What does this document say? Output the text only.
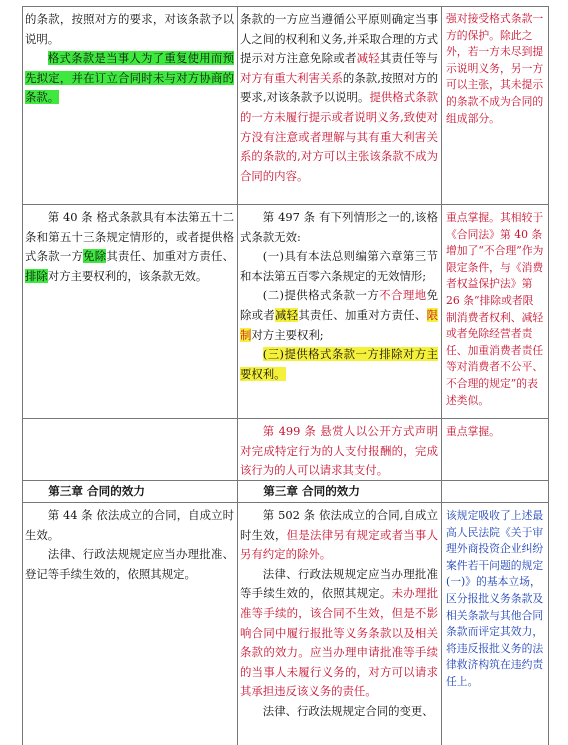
的条款，按照对方的要求，对该条款予以说明。

格式条款是当事人为了重复使用而预先拟定，并在订立合同时未与对方协商的条款。

条款的一方应当遵循公平原则确定当事人之间的权利和义务,并采取合理的方式提示对方注意免除或者减轻其责任等与对方有重大利害关系的条款,按照对方的要求,对该条款予以说明。提供格式条款的一方未履行提示或者说明义务,致使对方没有注意或者理解与其有重大利害关系的条款的,对方可以主张该条款不成为合同的内容。

强对接受格式条款一方的保护。除此之外，若一方未尽到提示说明义务，另一方可以主张，其未提示的条款不成为合同的组成部分。

第 40 条 格式条款具有本法第五十二条和第五十三条规定情形的，或者提供格式条款一方免除其责任、加重对方责任、排除对方主要权利的，该条款无效。

第 497 条 有下列情形之一的,该格式条款无效:

(一)具有本法总则编第六章第三节和本法第五百零六条规定的无效情形;

(二)提供格式条款一方不合理地免除或者减轻其责任、加重对方责任、限制对方主要权利;

(三)提供格式条款一方排除对方主要权利。

重点掌握。其相较于《合同法》第 40 条增加了“不合理”作为限定条件，与《消费者权益保护法》第 26 条“排除或者限制消费者权利、减轻或者免除经营者责任、加重消费者责任等对消费者不公平、不合理的规定”的表述类似。

第 499 条 悬赏人以公开方式声明对完成特定行为的人支付报酬的，完成该行为的人可以请求其支付。

重点掌握。
第三章 合同的效力	第三章 合同的效力

第 44 条 依法成立的合同，自成立时生效。

法律、行政法规规定应当办理批准、登记等手续生效的，依照其规定。

第 502 条 依法成立的合同,自成立时生效，但是法律另有规定或者当事人另有约定的除外。

法律、行政法规规定应当办理批准等手续生效的，依照其规定。未办理批准等手续的，该合同不生效，但是不影响合同中履行报批等义务条款以及相关条款的效力。应当办理申请批准等手续的当事人未履行义务的，对方可以请求其承担违反该义务的责任。

法律、行政法规规定合同的变更、

该规定吸收了上述最高人民法院《关于审理外商投资企业纠纷案件若干问题的规定(一)》的基本立场，区分报批义务条款及相关条款与其他合同条款而评定其效力，将违反报批义务的法律救济构筑在违约责任上。
